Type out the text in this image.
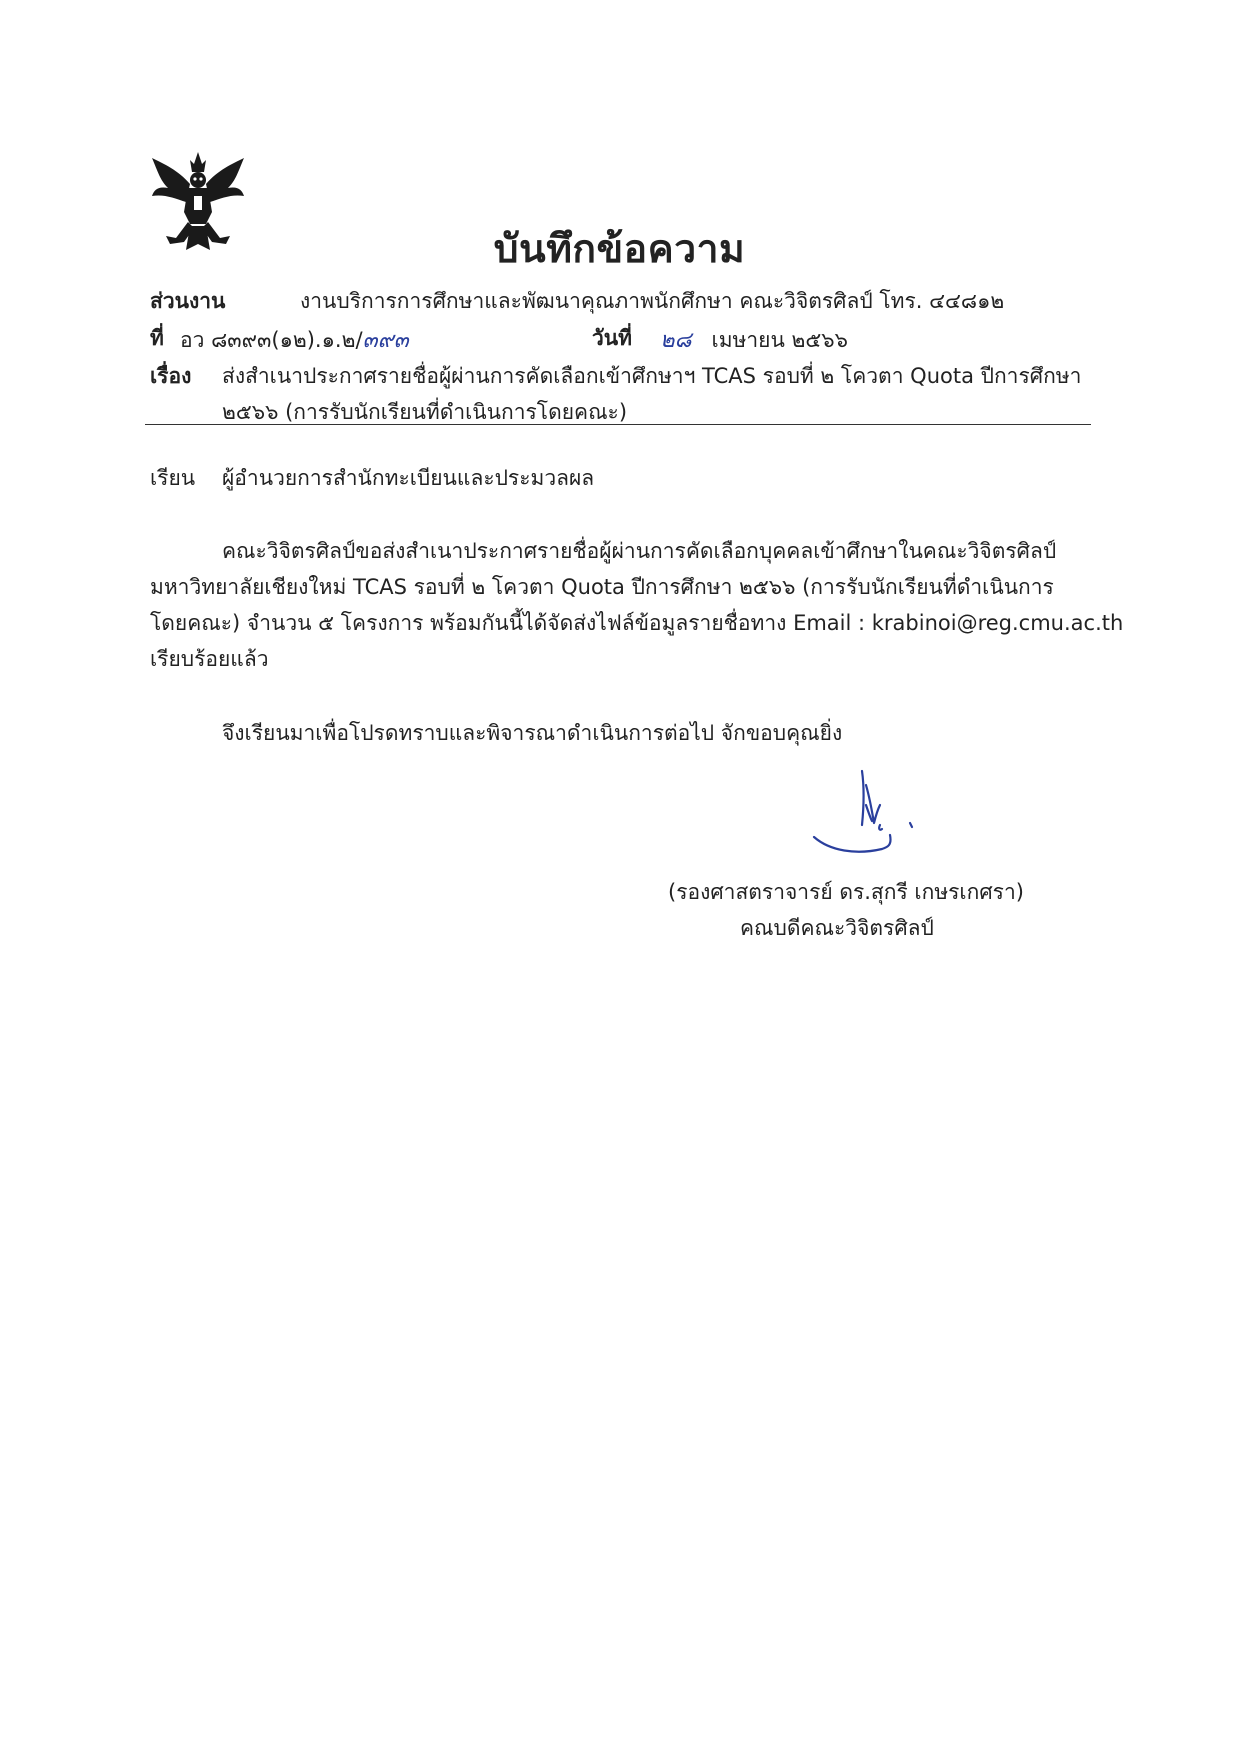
บันทึกข้อความ
ส่วนงาน	งานบริการการศึกษาและพัฒนาคุณภาพนักศึกษา คณะวิจิตรศิลป์ โทร. ๔๔๘๑๒
ที่ อว ๘๓๙๓(๑๒).๑.๒/๓๙๓	วันที่ ๒๘ เมษายน ๒๕๖๖
เรื่อง ส่งสำเนาประกาศรายชื่อผู้ผ่านการคัดเลือกเข้าศึกษาฯ TCAS รอบที่ ๒ โควตา Quota ปีการศึกษา
๒๕๖๖ (การรับนักเรียนที่ดำเนินการโดยคณะ)
เรียน ผู้อำนวยการสำนักทะเบียนและประมวลผล
คณะวิจิตรศิลป์ขอส่งสำเนาประกาศรายชื่อผู้ผ่านการคัดเลือกบุคคลเข้าศึกษาในคณะวิจิตรศิลป์
มหาวิทยาลัยเชียงใหม่ TCAS รอบที่ ๒ โควตา Quota ปีการศึกษา ๒๕๖๖ (การรับนักเรียนที่ดำเนินการ
โดยคณะ) จำนวน ๕ โครงการ พร้อมกันนี้ได้จัดส่งไฟล์ข้อมูลรายชื่อทาง Email : krabinoi@reg.cmu.ac.th
เรียบร้อยแล้ว
จึงเรียนมาเพื่อโปรดทราบและพิจารณาดำเนินการต่อไป จักขอบคุณยิ่ง
(รองศาสตราจารย์ ดร.สุกรี เกษรเกศรา)
คณบดีคณะวิจิตรศิลป์
